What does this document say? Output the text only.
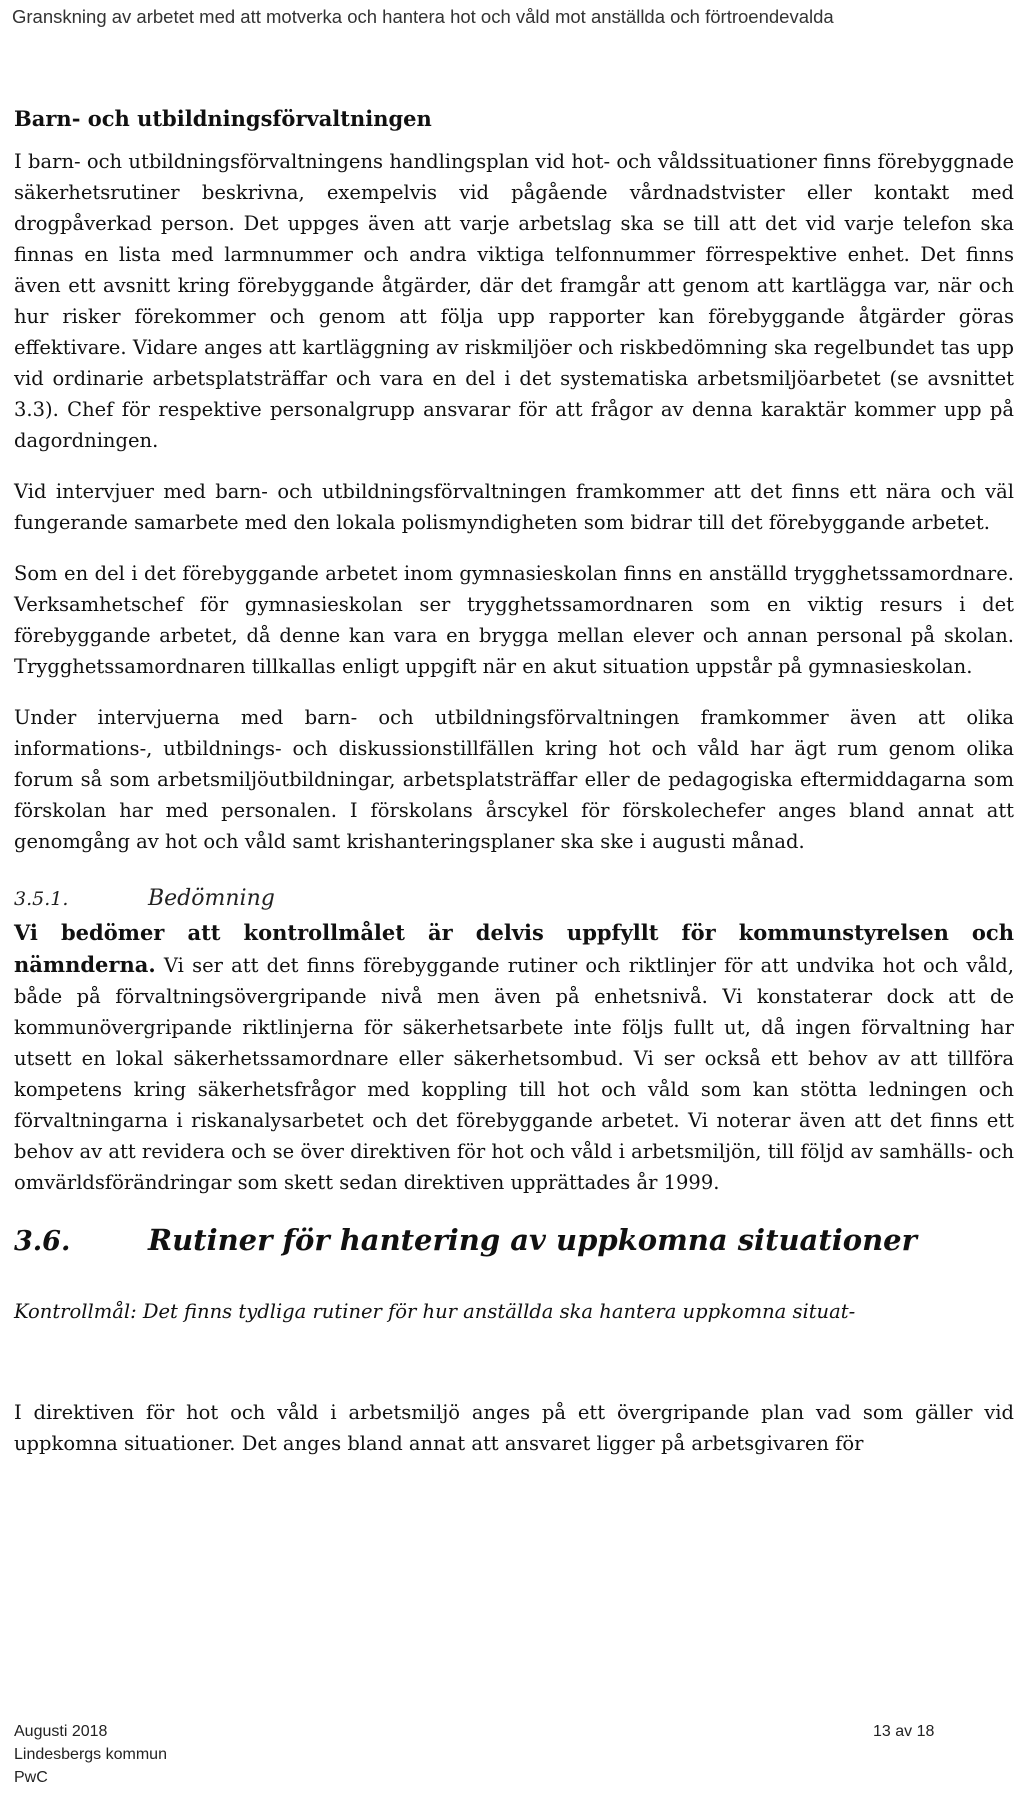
Granskning av arbetet med att motverka och hantera hot och våld mot anställda och förtroendevalda
Barn- och utbildningsförvaltningen

I barn- och utbildningsförvaltningens handlingsplan vid hot- och våldssituationer finns förebyggnade säkerhetsrutiner beskrivna, exempelvis vid pågående vårdnadstvister eller kontakt med drogpåverkad person. Det uppges även att varje arbetslag ska se till att det vid varje telefon ska finnas en lista med larmnummer och andra viktiga telfonnummer förrespektive enhet. Det finns även ett avsnitt kring förebyggande åtgärder, där det framgår att genom att kartlägga var, när och hur risker förekommer och genom att följa upp rapporter kan förebyggande åtgärder göras effektivare. Vidare anges att kartläggning av riskmiljöer och riskbedömning ska regelbundet tas upp vid ordinarie arbetsplatsträffar och vara en del i det systematiska arbetsmiljöarbetet (se avsnittet 3.3). Chef för respektive personalgrupp ansvarar för att frågor av denna karaktär kommer upp på dagordningen.

Vid intervjuer med barn- och utbildningsförvaltningen framkommer att det finns ett nära och väl fungerande samarbete med den lokala polismyndigheten som bidrar till det förebyggande arbetet.

Som en del i det förebyggande arbetet inom gymnasieskolan finns en anställd trygghetssamordnare. Verksamhetschef för gymnasieskolan ser trygghetssamordnaren som en viktig resurs i det förebyggande arbetet, då denne kan vara en brygga mellan elever och annan personal på skolan. Trygghetssamordnaren tillkallas enligt uppgift när en akut situation uppstår på gymnasieskolan.

Under intervjuerna med barn- och utbildningsförvaltningen framkommer även att olika informations-, utbildnings- och diskussionstillfällen kring hot och våld har ägt rum genom olika forum så som arbetsmiljöutbildningar, arbetsplatsträffar eller de pedagogiska eftermiddagarna som förskolan har med personalen. I förskolans årscykel för förskolechefer anges bland annat att genomgång av hot och våld samt krishanteringsplaner ska ske i augusti månad.

3.5.1.	Bedömning

Vi bedömer att kontrollmålet är delvis uppfyllt för kommunstyrelsen och nämnderna. Vi ser att det finns förebyggande rutiner och riktlinjer för att undvika hot och våld, både på förvaltningsövergripande nivå men även på enhetsnivå. Vi konstaterar dock att de kommunövergripande riktlinjerna för säkerhetsarbete inte följs fullt ut, då ingen förvaltning har utsett en lokal säkerhetssamordnare eller säkerhetsombud. Vi ser också ett behov av att tillföra kompetens kring säkerhetsfrågor med koppling till hot och våld som kan stötta ledningen och förvaltningarna i riskanalysarbetet och det förebyggande arbetet. Vi noterar även att det finns ett behov av att revidera och se över direktiven för hot och våld i arbetsmiljön, till följd av samhälls- och omvärldsförändringar som skett sedan direktiven upprättades år 1999.

3.6.	Rutiner för hantering av uppkomna situationer
Kontrollmål: Det finns tydliga rutiner för hur anställda ska hantera uppkomna situat-

I direktiven för hot och våld i arbetsmiljö anges på ett övergripande plan vad som gäller vid uppkomna situationer. Det anges bland annat att ansvaret ligger på arbetsgivaren för

Augusti 2018
Lindesbergs kommun
PwC
13 av 18
